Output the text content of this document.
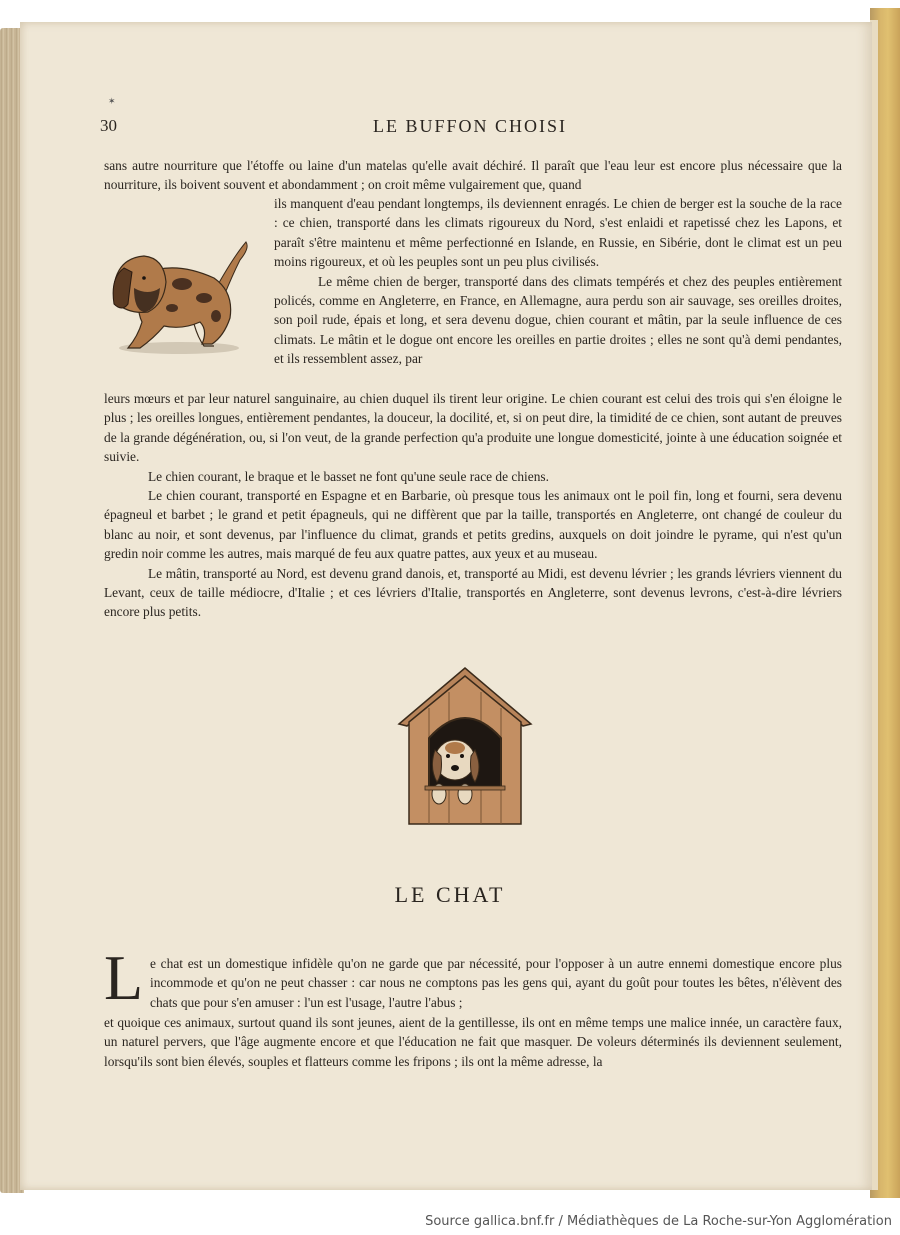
✶
30	LE BUFFON CHOISI

sans autre nourriture que l'étoffe ou laine d'un matelas qu'elle avait déchiré. Il paraît que l'eau leur est encore plus nécessaire que la nourriture, ils boivent souvent et abondamment ; on croit même vulgairement que, quand

ils manquent d'eau pendant longtemps, ils deviennent enragés. Le chien de berger est la souche de la race : ce chien, transporté dans les climats rigoureux du Nord, s'est enlaidi et rapetissé chez les Lapons, et paraît s'être maintenu et même perfectionné en Islande, en Russie, en Sibérie, dont le climat est un peu moins rigoureux, et où les peuples sont un peu plus civilisés.

Le même chien de berger, transporté dans des climats tempérés et chez des peuples entièrement policés, comme en Angleterre, en France, en Allemagne, aura perdu son air sauvage, ses oreilles droites, son poil rude, épais et long, et sera devenu dogue, chien courant et mâtin, par la seule influence de ces climats. Le mâtin et le dogue ont encore les oreilles en partie droites ; elles ne sont qu'à demi pendantes, et ils ressemblent assez, par

leurs mœurs et par leur naturel sanguinaire, au chien duquel ils tirent leur origine. Le chien courant est celui des trois qui s'en éloigne le plus ; les oreilles longues, entièrement pendantes, la douceur, la docilité, et, si on peut dire, la timidité de ce chien, sont autant de preuves de la grande dégénération, ou, si l'on veut, de la grande perfection qu'a produite une longue domesticité, jointe à une éducation soignée et suivie.

Le chien courant, le braque et le basset ne font qu'une seule race de chiens.

Le chien courant, transporté en Espagne et en Barbarie, où presque tous les animaux ont le poil fin, long et fourni, sera devenu épagneul et barbet ; le grand et petit épagneuls, qui ne diffèrent que par la taille, transportés en Angleterre, ont changé de couleur du blanc au noir, et sont devenus, par l'influence du climat, grands et petits gredins, auxquels on doit joindre le pyrame, qui n'est qu'un gredin noir comme les autres, mais marqué de feu aux quatre pattes, aux yeux et au museau.

Le mâtin, transporté au Nord, est devenu grand danois, et, transporté au Midi, est devenu lévrier ; les grands lévriers viennent du Levant, ceux de taille médiocre, d'Italie ; et ces lévriers d'Italie, transportés en Angleterre, sont devenus levrons, c'est-à-dire lévriers encore plus petits.

LE CHAT
L e chat est un domestique infidèle qu'on ne garde que par nécessité, pour l'opposer à un autre ennemi domestique encore plus incommode et qu'on ne peut chasser : car nous ne comptons pas les gens qui, ayant du goût pour toutes les bêtes, n'élèvent des chats que pour s'en amuser : l'un est l'usage, l'autre l'abus ;

et quoique ces animaux, surtout quand ils sont jeunes, aient de la gentillesse, ils ont en même temps une malice innée, un caractère faux, un naturel pervers, que l'âge augmente encore et que l'éducation ne fait que masquer. De voleurs déterminés ils deviennent seulement, lorsqu'ils sont bien élevés, souples et flatteurs comme les fripons ; ils ont la même adresse, la

Source gallica.bnf.fr / Médiathèques de La Roche-sur-Yon Agglomération
